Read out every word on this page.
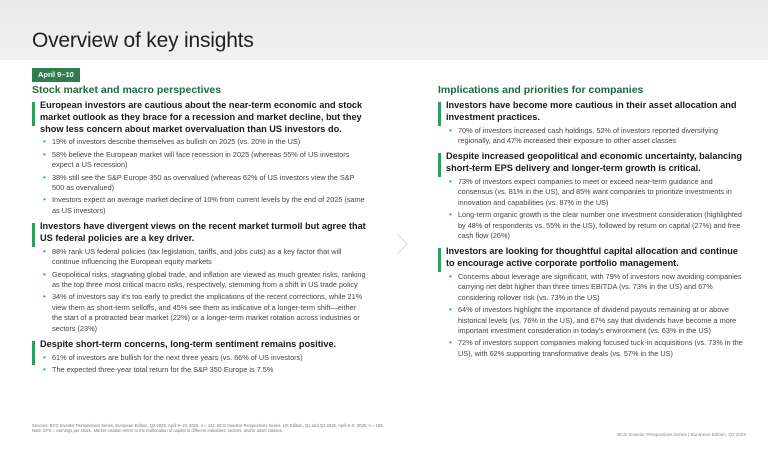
Overview of key insights
April 9–10
Stock market and macro perspectives
European investors are cautious about the near-term economic and stock market outlook as they brace for a recession and market decline, but they show less concern about market overvaluation than US investors do.
• 19% of investors describe themselves as bullish on 2025 (vs. 20% in the US)
• 58% believe the European market will face recession in 2025 (whereas 55% of US investors expect a US recession)
• 38% still see the S&P Europe 350 as overvalued (whereas 62% of US investors view the S&P 500 as overvalued)
• Investors expect an average market decline of 10% from current levels by the end of 2025 (same as US investors)
Investors have divergent views on the recent market turmoil but agree that US federal policies are a key driver.
• 88% rank US federal policies (tax legislation, tariffs, and jobs cuts) as a key factor that will continue influencing the European equity markets
• Geopolitical risks, stagnating global trade, and inflation are viewed as much greater risks, ranking as the top three most critical macro risks, respectively, stemming from a shift in US trade policy
• 34% of investors say it’s too early to predict the implications of the recent corrections, while 21% view them as short-term selloffs, and 45% see them as indicative of a longer-term shift—either the start of a protracted bear market (22%) or a longer-term market rotation across industries or sectors (23%)
Despite short-term concerns, long-term sentiment remains positive.
• 61% of investors are bullish for the next three years (vs. 66% of US investors)
• The expected three-year total return for the S&P 350 Europe is 7.5%
Implications and priorities for companies
Investors have become more cautious in their asset allocation and investment practices.
• 70% of investors increased cash holdings, 52% of investors reported diversifying regionally, and 47% increased their exposure to other asset classes
Despite increased geopolitical and economic uncertainty, balancing short-term EPS delivery and longer-term growth is critical.
• 73% of investors expect companies to meet or exceed near-term guidance and consensus (vs. 81% in the US), and 85% want companies to prioritize investments in innovation and capabilities (vs. 87% in the US)
• Long-term organic growth is the clear number one investment consideration (highlighted by 48% of respondents vs. 55% in the US), followed by return on capital (27%) and free cash flow (26%)
Investors are looking for thoughtful capital allocation and continue to encourage active corporate portfolio management.
• Concerns about leverage are significant, with 79% of investors now avoiding companies carrying net debt higher than three times EBITDA (vs. 73% in the US) and 67% considering rollover risk (vs. 73% in the US)
• 64% of investors highlight the importance of dividend payouts remaining at or above historical levels (vs. 76% in the US), and 67% say that dividends have become a more important investment consideration in today’s environment (vs. 63% in the US)
• 72% of investors support companies making focused tuck-in acquisitions (vs. 73% in the US), with 62% supporting transformative deals (vs. 57% in the US)
Sources: BCG Investor Perspectives Series, European Edition, Q2 2025, April 9–10, 2025, n = 121; BCG Investor Perspectives Series, US Edition, Q1 and Q2 2025, April 8–9, 2025, n = 158.
Note: EPS = earnings per share. Market rotation refers to the reallocation of capital to different industries, sectors, and/or asset classes.
BCG Investor Perspectives Series | European Edition, Q2 2025
